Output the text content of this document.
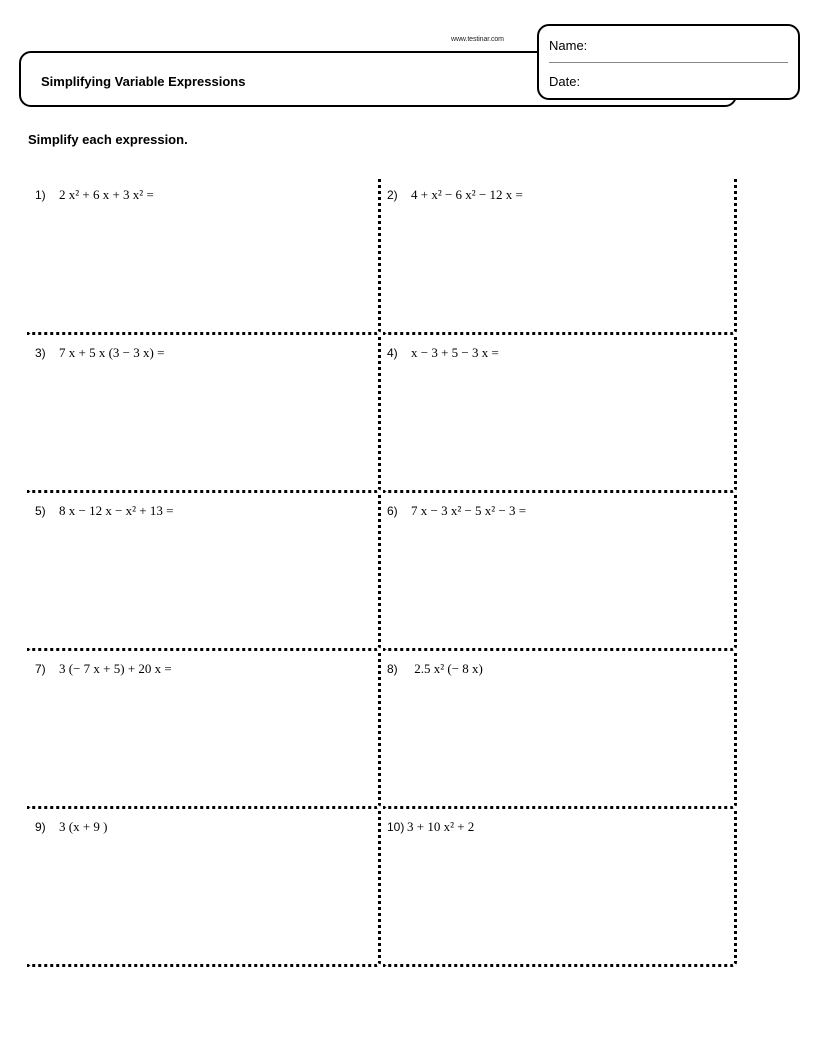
www.testinar.com
Simplifying Variable Expressions
Name:
Date:
Simplify each expression.
1) 2 x² + 6 x + 3 x² =	2) 4 + x² − 6 x² − 12 x =
3) 7 x + 5 x (3 − 3 x) =	4) x − 3 + 5 − 3 x =
5) 8 x − 12 x − x² + 13 =	6) 7 x − 3 x² − 5 x² − 3 =
7) 3 (− 7 x + 5) + 20 x =	8) 2.5 x² (− 8 x)
9) 3 (x + 9 )	10) 3 + 10 x² + 2
